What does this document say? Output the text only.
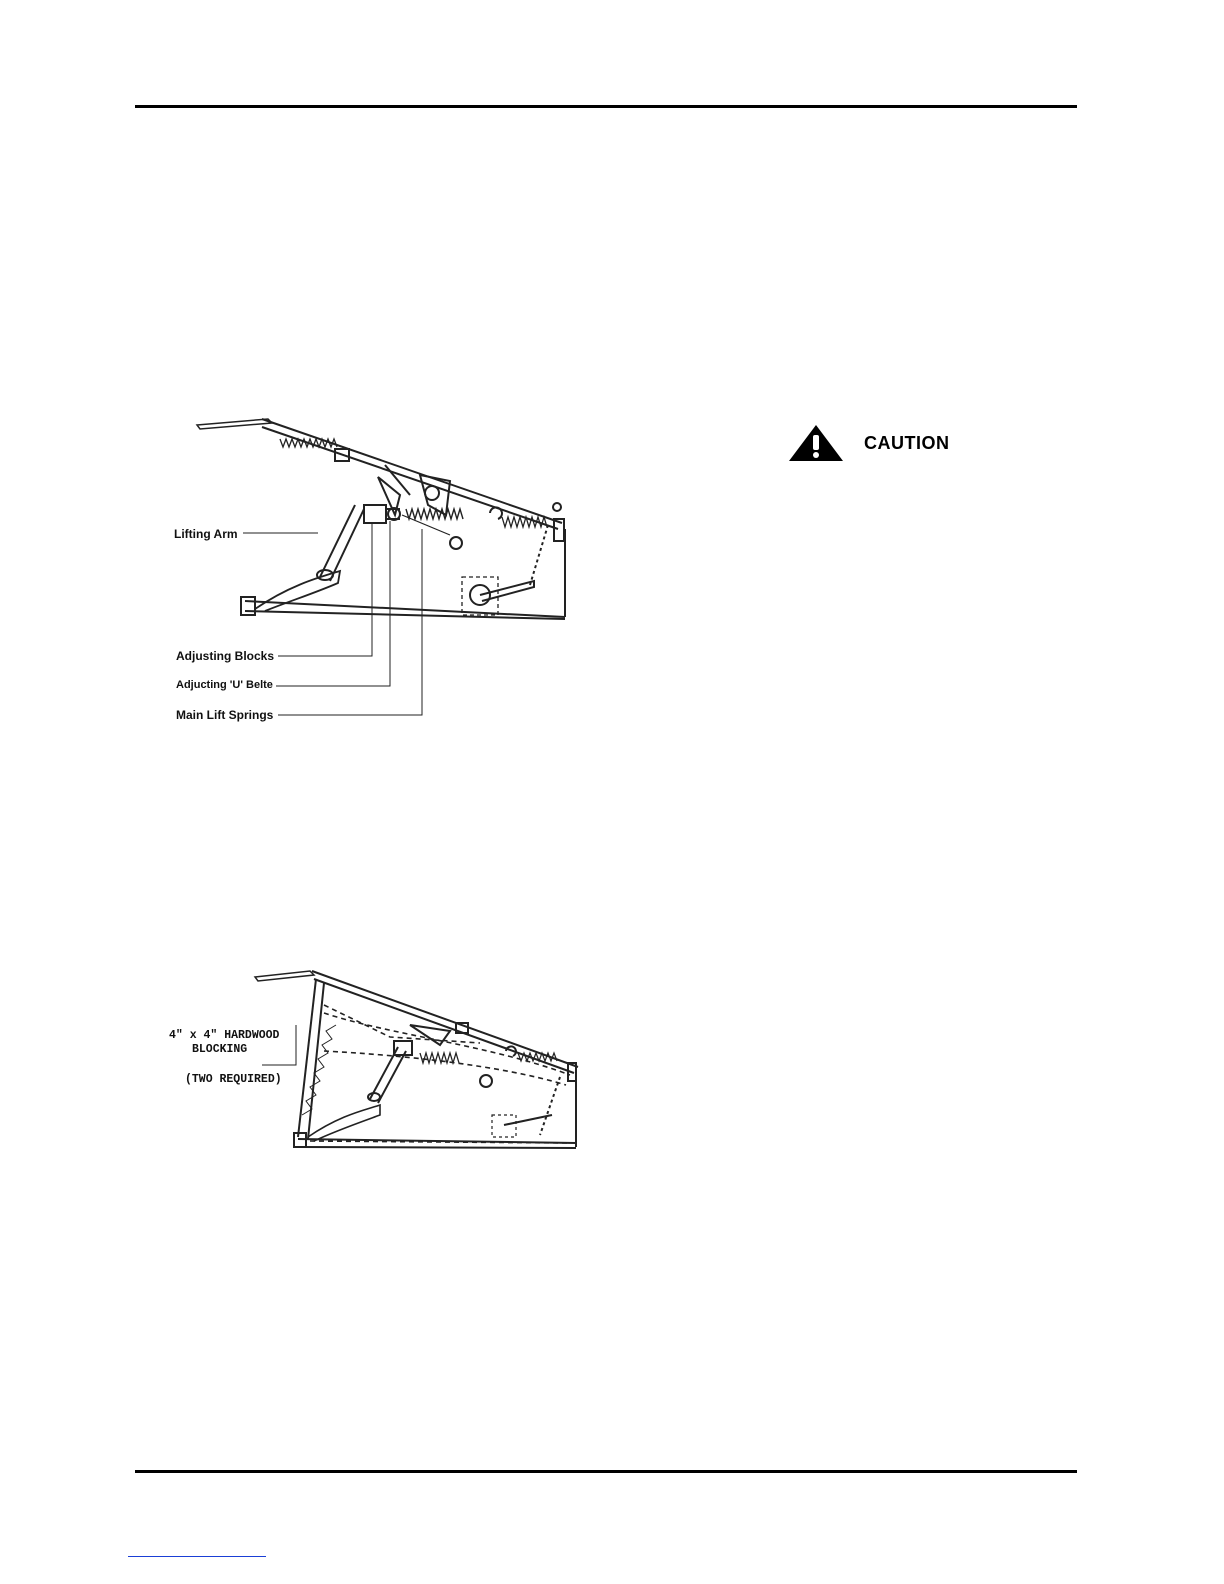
Lifting Arm
Adjusting Blocks
Adjucting 'U' Belte
Main Lift Springs
CAUTION
4" x 4" HARDWOOD
BLOCKING
(TWO REQUIRED)
